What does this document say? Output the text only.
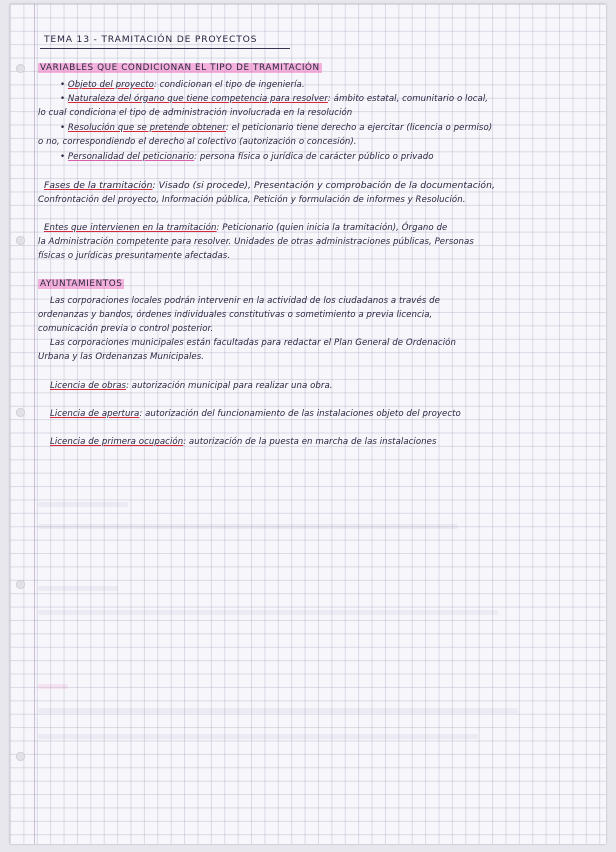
TEMA 13 - TRAMITACIÓN DE PROYECTOS
VARIABLES QUE CONDICIONAN EL TIPO DE TRAMITACIÓN
• Objeto del proyecto: condicionan el tipo de ingeniería.
• Naturaleza del órgano que tiene competencia para resolver: ámbito estatal, comunitario o local,
lo cual condiciona el tipo de administración involucrada en la resolución
• Resolución que se pretende obtener: el peticionario tiene derecho a ejercitar (licencia o permiso)
o no, correspondiendo el derecho al colectivo (autorización o concesión).
• Personalidad del peticionario: persona física o jurídica de carácter público o privado
Fases de la tramitación: Visado (si procede), Presentación y comprobación de la documentación,
Confrontación del proyecto, Información pública, Petición y formulación de informes y Resolución.
Entes que intervienen en la tramitación: Peticionario (quien inicia la tramitación), Órgano de
la Administración competente para resolver. Unidades de otras administraciones públicas, Personas
físicas o jurídicas presuntamente afectadas.
AYUNTAMIENTOS
Las corporaciones locales podrán intervenir en la actividad de los ciudadanos a través de
ordenanzas y bandos, órdenes individuales constitutivas o sometimiento a previa licencia,
comunicación previa o control posterior.
Las corporaciones municipales están facultadas para redactar el Plan General de Ordenación
Urbana y las Ordenanzas Municipales.
Licencia de obras: autorización municipal para realizar una obra.
Licencia de apertura: autorización del funcionamiento de las instalaciones objeto del proyecto
Licencia de primera ocupación: autorización de la puesta en marcha de las instalaciones
